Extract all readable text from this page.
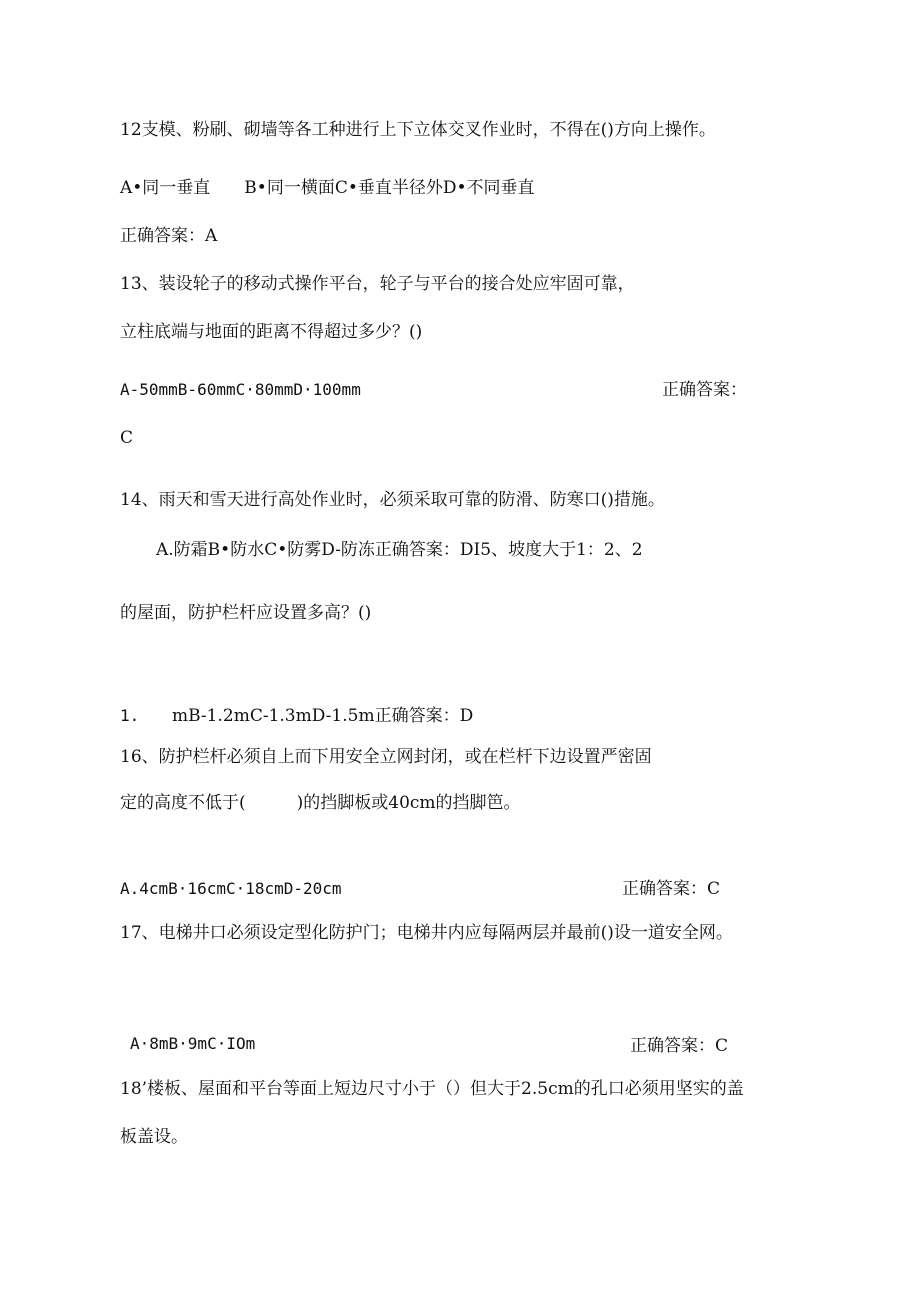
12支模、粉刷、砌墙等各工种进行上下立体交叉作业时，不得在()方向上操作。
A•同一垂直　　B•同一横面C•垂直半径外D•不同垂直
正确答案：A
13、装设轮子的移动式操作平台，轮子与平台的接合处应牢固可靠，
立柱底端与地面的距离不得超过多少？()
A-50mmB-60mmC·80mmD·100mm	正确答案：
C
14、雨天和雪天进行高处作业时，必须采取可靠的防滑、防寒口()措施。
A.防霜B•防水C•防雾D-防冻正确答案：DI5、坡度大于1：2、2
的屋面，防护栏杆应设置多高？()
1. mB-1.2mC-1.3mD-1.5m正确答案：D
16、防护栏杆必须自上而下用安全立网封闭，或在栏杆下边设置严密固
定的高度不低于(　　　)的挡脚板或40cm的挡脚笆。
A.4cmB·16cmC·18cmD-20cm	正确答案：C
17、电梯井口必须设定型化防护门；电梯井内应每隔两层并最前()设一道安全网。
A·8mB·9mC·IOm	正确答案：C
18’楼板、屋面和平台等面上短边尺寸小于（）但大于2.5cm的孔口必须用坚实的盖
板盖设。
